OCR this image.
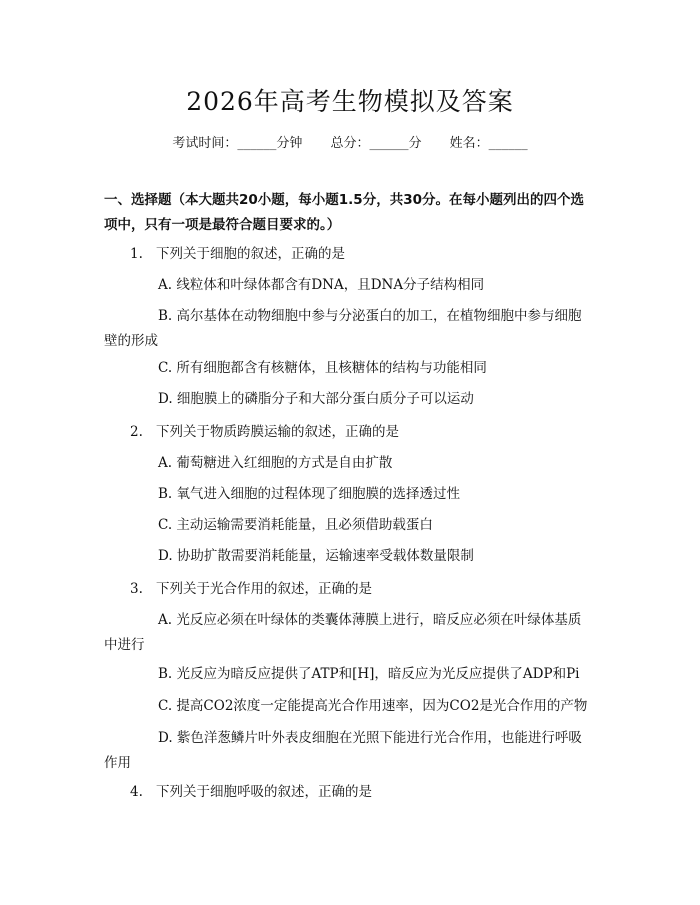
2026年高考生物模拟及答案
考试时间：______分钟 总分：______分 姓名：______
一、选择题（本大题共20小题，每小题1.5分，共30分。在每小题列出的四个选项中，只有一项是最符合题目要求的。）
1. 下列关于细胞的叙述，正确的是
A. 线粒体和叶绿体都含有DNA，且DNA分子结构相同
B. 高尔基体在动物细胞中参与分泌蛋白的加工，在植物细胞中参与细胞壁的形成
C. 所有细胞都含有核糖体，且核糖体的结构与功能相同
D. 细胞膜上的磷脂分子和大部分蛋白质分子可以运动
2. 下列关于物质跨膜运输的叙述，正确的是
A. 葡萄糖进入红细胞的方式是自由扩散
B. 氧气进入细胞的过程体现了细胞膜的选择透过性
C. 主动运输需要消耗能量，且必须借助载蛋白
D. 协助扩散需要消耗能量，运输速率受载体数量限制
3. 下列关于光合作用的叙述，正确的是
A. 光反应必须在叶绿体的类囊体薄膜上进行，暗反应必须在叶绿体基质中进行
B. 光反应为暗反应提供了ATP和[H]，暗反应为光反应提供了ADP和Pi
C. 提高CO2浓度一定能提高光合作用速率，因为CO2是光合作用的产物
D. 紫色洋葱鳞片叶外表皮细胞在光照下能进行光合作用，也能进行呼吸作用
4. 下列关于细胞呼吸的叙述，正确的是
